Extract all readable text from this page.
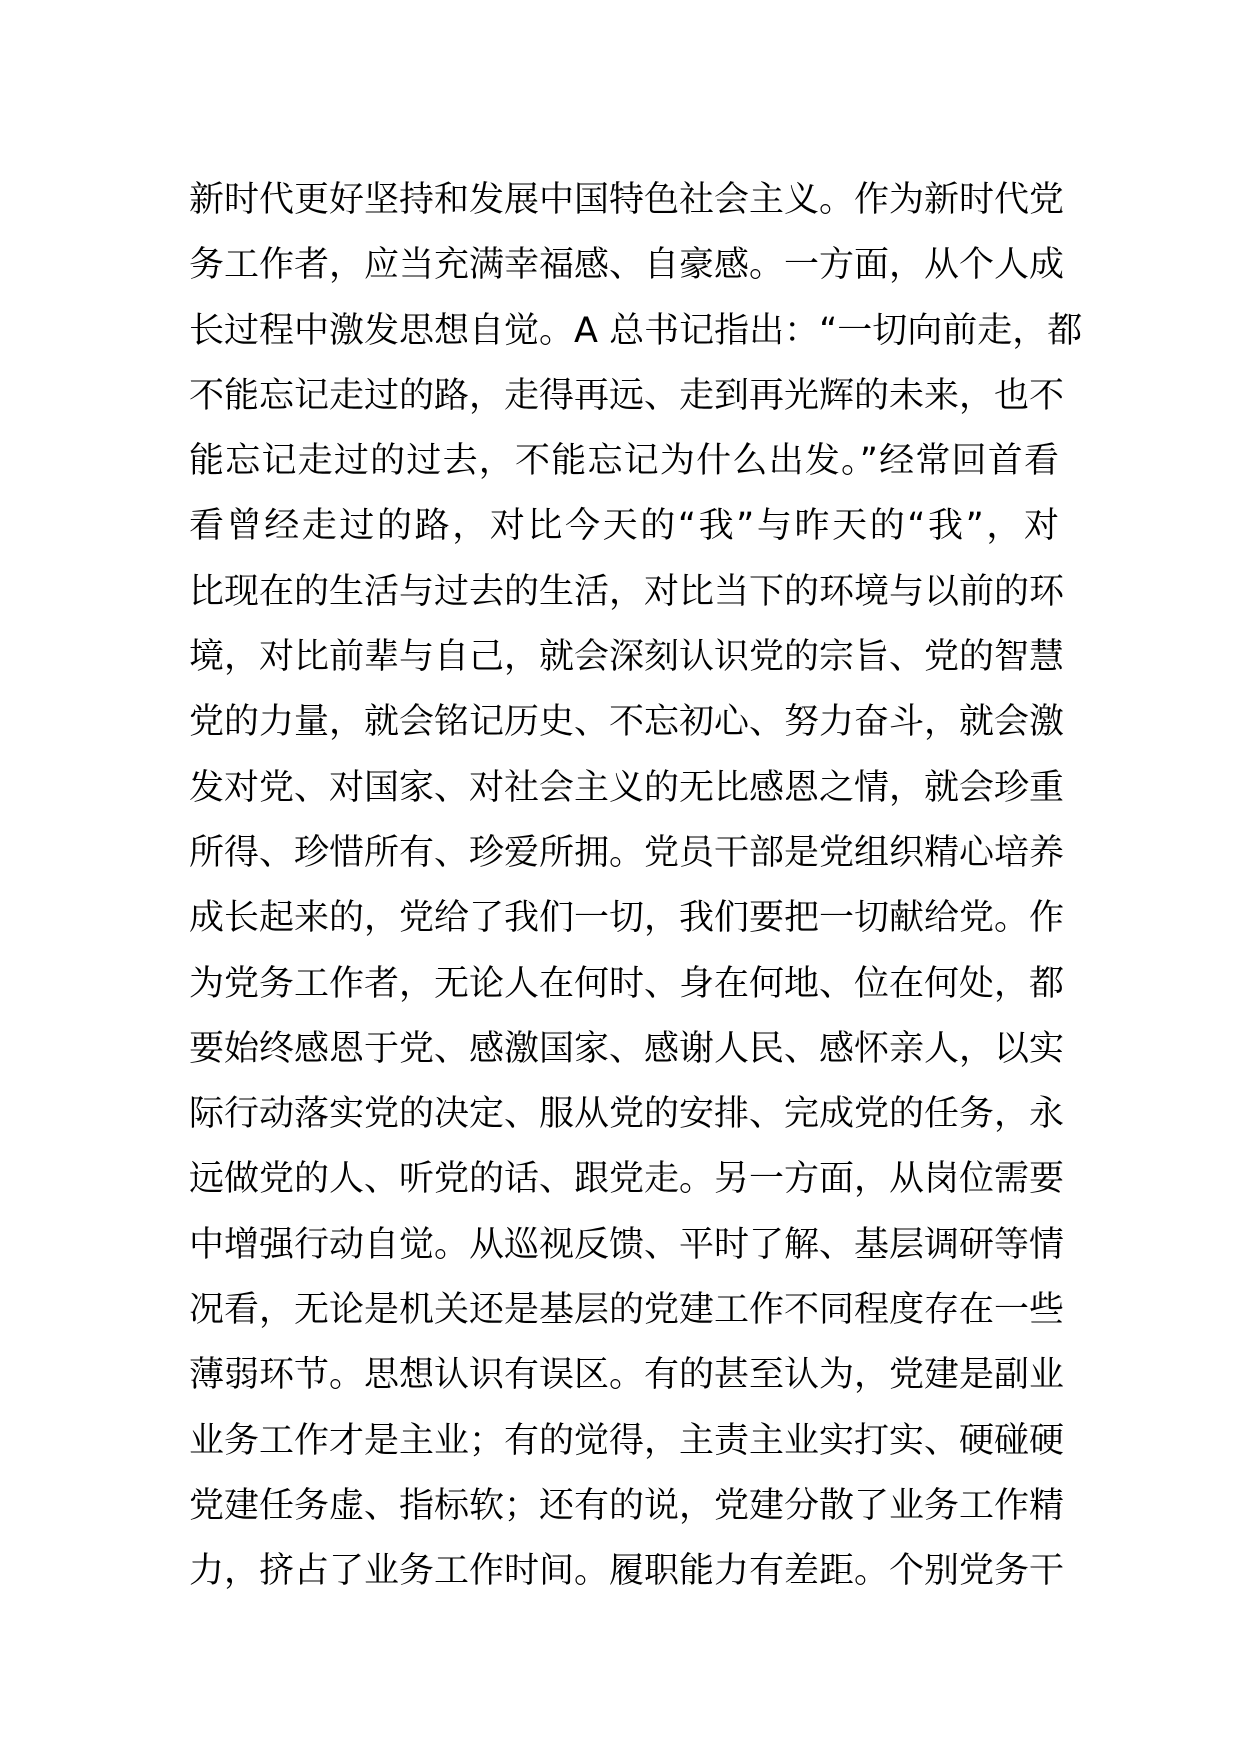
新时代更好坚持和发展中国特色社会主义。作为新时代党
务工作者，应当充满幸福感、自豪感。一方面，从个人成
长过程中激发思想自觉。A 总书记指出：“一切向前走，都
不能忘记走过的路，走得再远、走到再光辉的未来，也不
能忘记走过的过去，不能忘记为什么出发。”经常回首看
看曾经走过的路，对比今天的“我”与昨天的“我”，对
比现在的生活与过去的生活，对比当下的环境与以前的环
境，对比前辈与自己，就会深刻认识党的宗旨、党的智慧
党的力量，就会铭记历史、不忘初心、努力奋斗，就会激
发对党、对国家、对社会主义的无比感恩之情，就会珍重
所得、珍惜所有、珍爱所拥。党员干部是党组织精心培养
成长起来的，党给了我们一切，我们要把一切献给党。作
为党务工作者，无论人在何时、身在何地、位在何处，都
要始终感恩于党、感激国家、感谢人民、感怀亲人，以实
际行动落实党的决定、服从党的安排、完成党的任务，永
远做党的人、听党的话、跟党走。另一方面，从岗位需要
中增强行动自觉。从巡视反馈、平时了解、基层调研等情
况看，无论是机关还是基层的党建工作不同程度存在一些
薄弱环节。思想认识有误区。有的甚至认为，党建是副业
业务工作才是主业；有的觉得，主责主业实打实、硬碰硬
党建任务虚、指标软；还有的说，党建分散了业务工作精
力，挤占了业务工作时间。履职能力有差距。个别党务干
